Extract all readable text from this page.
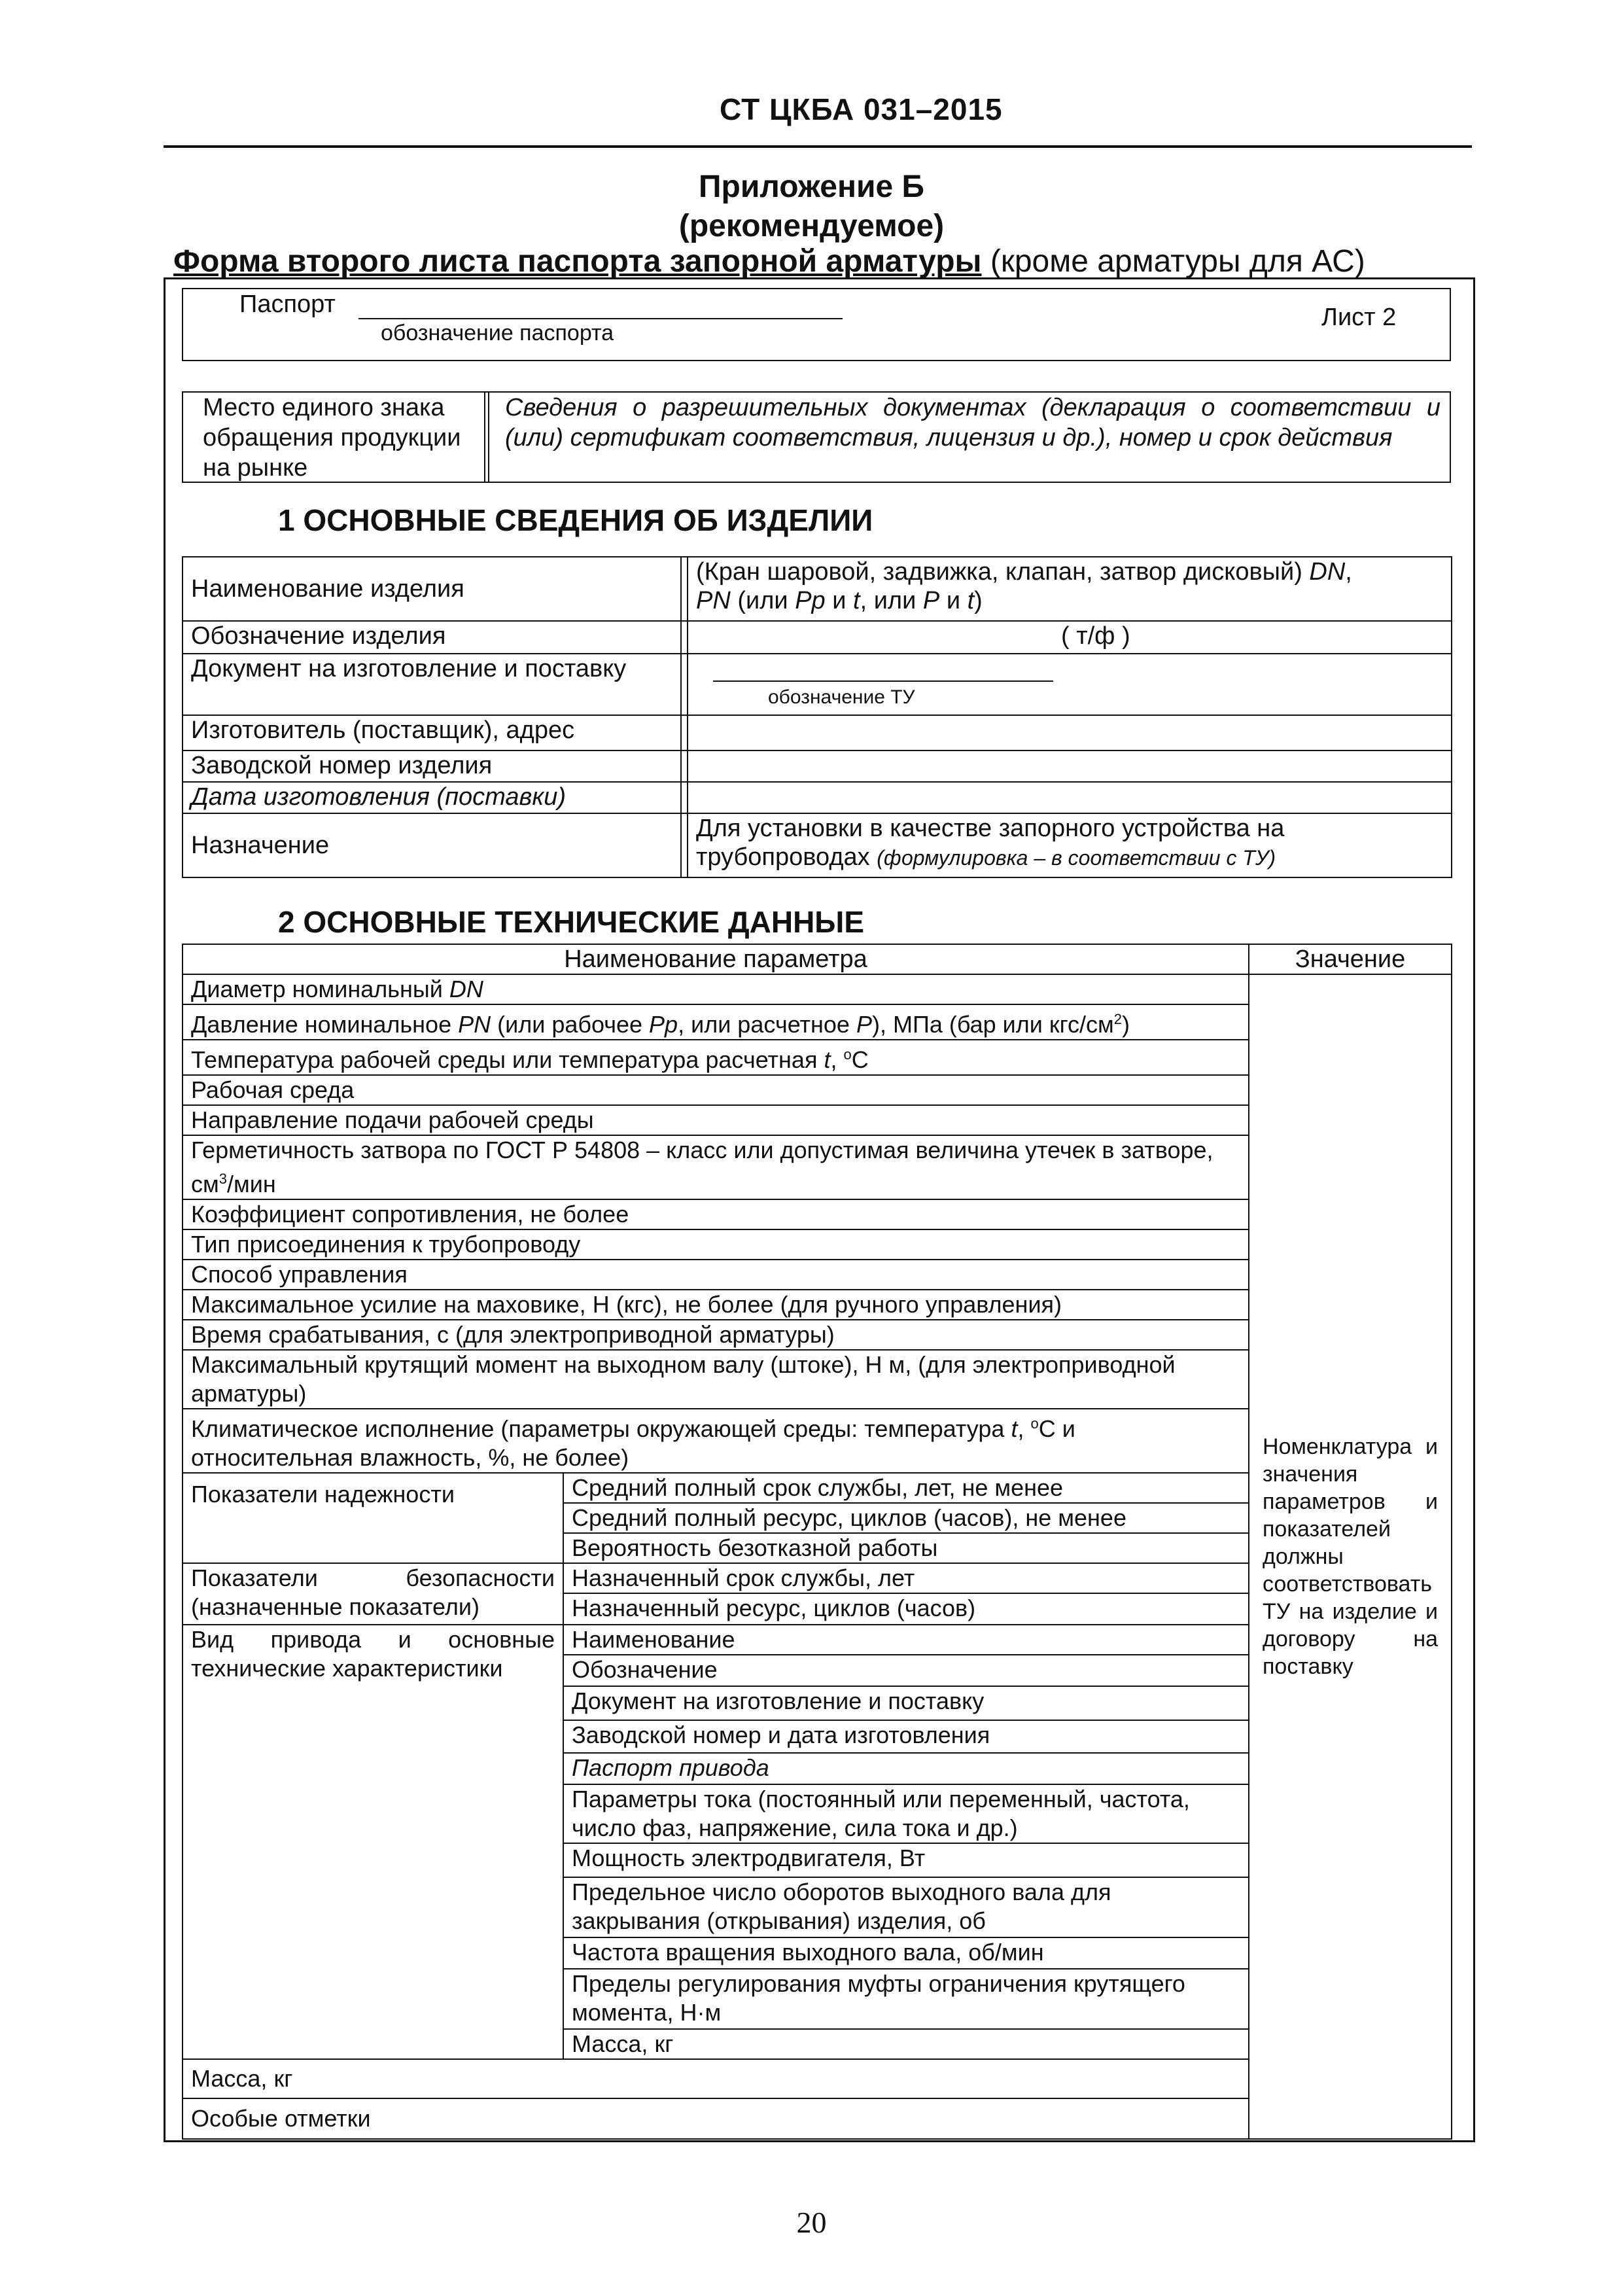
СТ ЦКБА 031–2015
Приложение Б
(рекомендуемое)
Форма второго листа паспорта запорной арматуры (кроме арматуры для АС)
Паспорт
обозначение паспорта
Лист 2
Место единого знака обращения продукции на рынке
Сведения о разрешительных документах (декларация о соответствии и (или) сертификат соответствия, лицензия и др.), номер и срок действия
1 ОСНОВНЫЕ СВЕДЕНИЯ ОБ ИЗДЕЛИИ
Наименование изделия		(Кран шаровой, задвижка, клапан, затвор дисковый) DN,
PN (или Рр и t, или Р и t)
Обозначение изделия		( т/ф )
Документ на изготовление и поставку		обозначение ТУ

Изготовитель (поставщик), адрес		
Заводской номер изделия		
Дата изготовления (поставки)		
Назначение		Для установки в качестве запорного устройства на трубопроводах (формулировка – в соответствии с ТУ)
2 ОСНОВНЫЕ ТЕХНИЧЕСКИЕ ДАННЫЕ
Наименование параметра		Значение
Диаметр номинальный DN		Номенклатура и значения параметров и показателей должны соответствовать ТУ на изделие и договору на поставку
Давление номинальное PN (или рабочее Рр, или расчетное Р), МПа (бар или кгс/$см^2$)		
Температура рабочей среды или температура расчетная t, $^о$С		
Рабочая среда		
Направление подачи рабочей среды		
Герметичность затвора по ГОСТ Р 54808 – класс или допустимая величина утечек в затворе, $см^3$/мин		
Коэффициент сопротивления, не более		
Тип присоединения к трубопроводу		
Способ управления		
Максимальное усилие на маховике, Н (кгс), не более (для ручного управления)		
Время срабатывания, с (для электроприводной арматуры)		
Максимальный крутящий момент на выходном валу (штоке), Н м, (для электроприводной арматуры)		
Климатическое исполнение (параметры окружающей среды: температура t, $^о$С и относительная влажность, %, не более)		
Показатели надежности	Средний полный срок службы, лет, не менее	
	Средний полный ресурс, циклов (часов), не менее	
	Вероятность безотказной работы	
Показатели безопасности (назначенные показатели)	Назначенный срок службы, лет	
	Назначенный ресурс, циклов (часов)	
Вид привода и основные технические характеристики	Наименование	
	Обозначение	
	Документ на изготовление и поставку	
	Заводской номер и дата изготовления	
	Паспорт привода	
	Параметры тока (постоянный или переменный, частота, число фаз, напряжение, сила тока и др.)	
	Мощность электродвигателя, Вт	
	Предельное число оборотов выходного вала для закрывания (открывания) изделия, об	
	Частота вращения выходного вала, об/мин	
	Пределы регулирования муфты ограничения крутящего момента, Н·м	
	Масса, кг	
Масса, кг		
Особые отметки		
20
